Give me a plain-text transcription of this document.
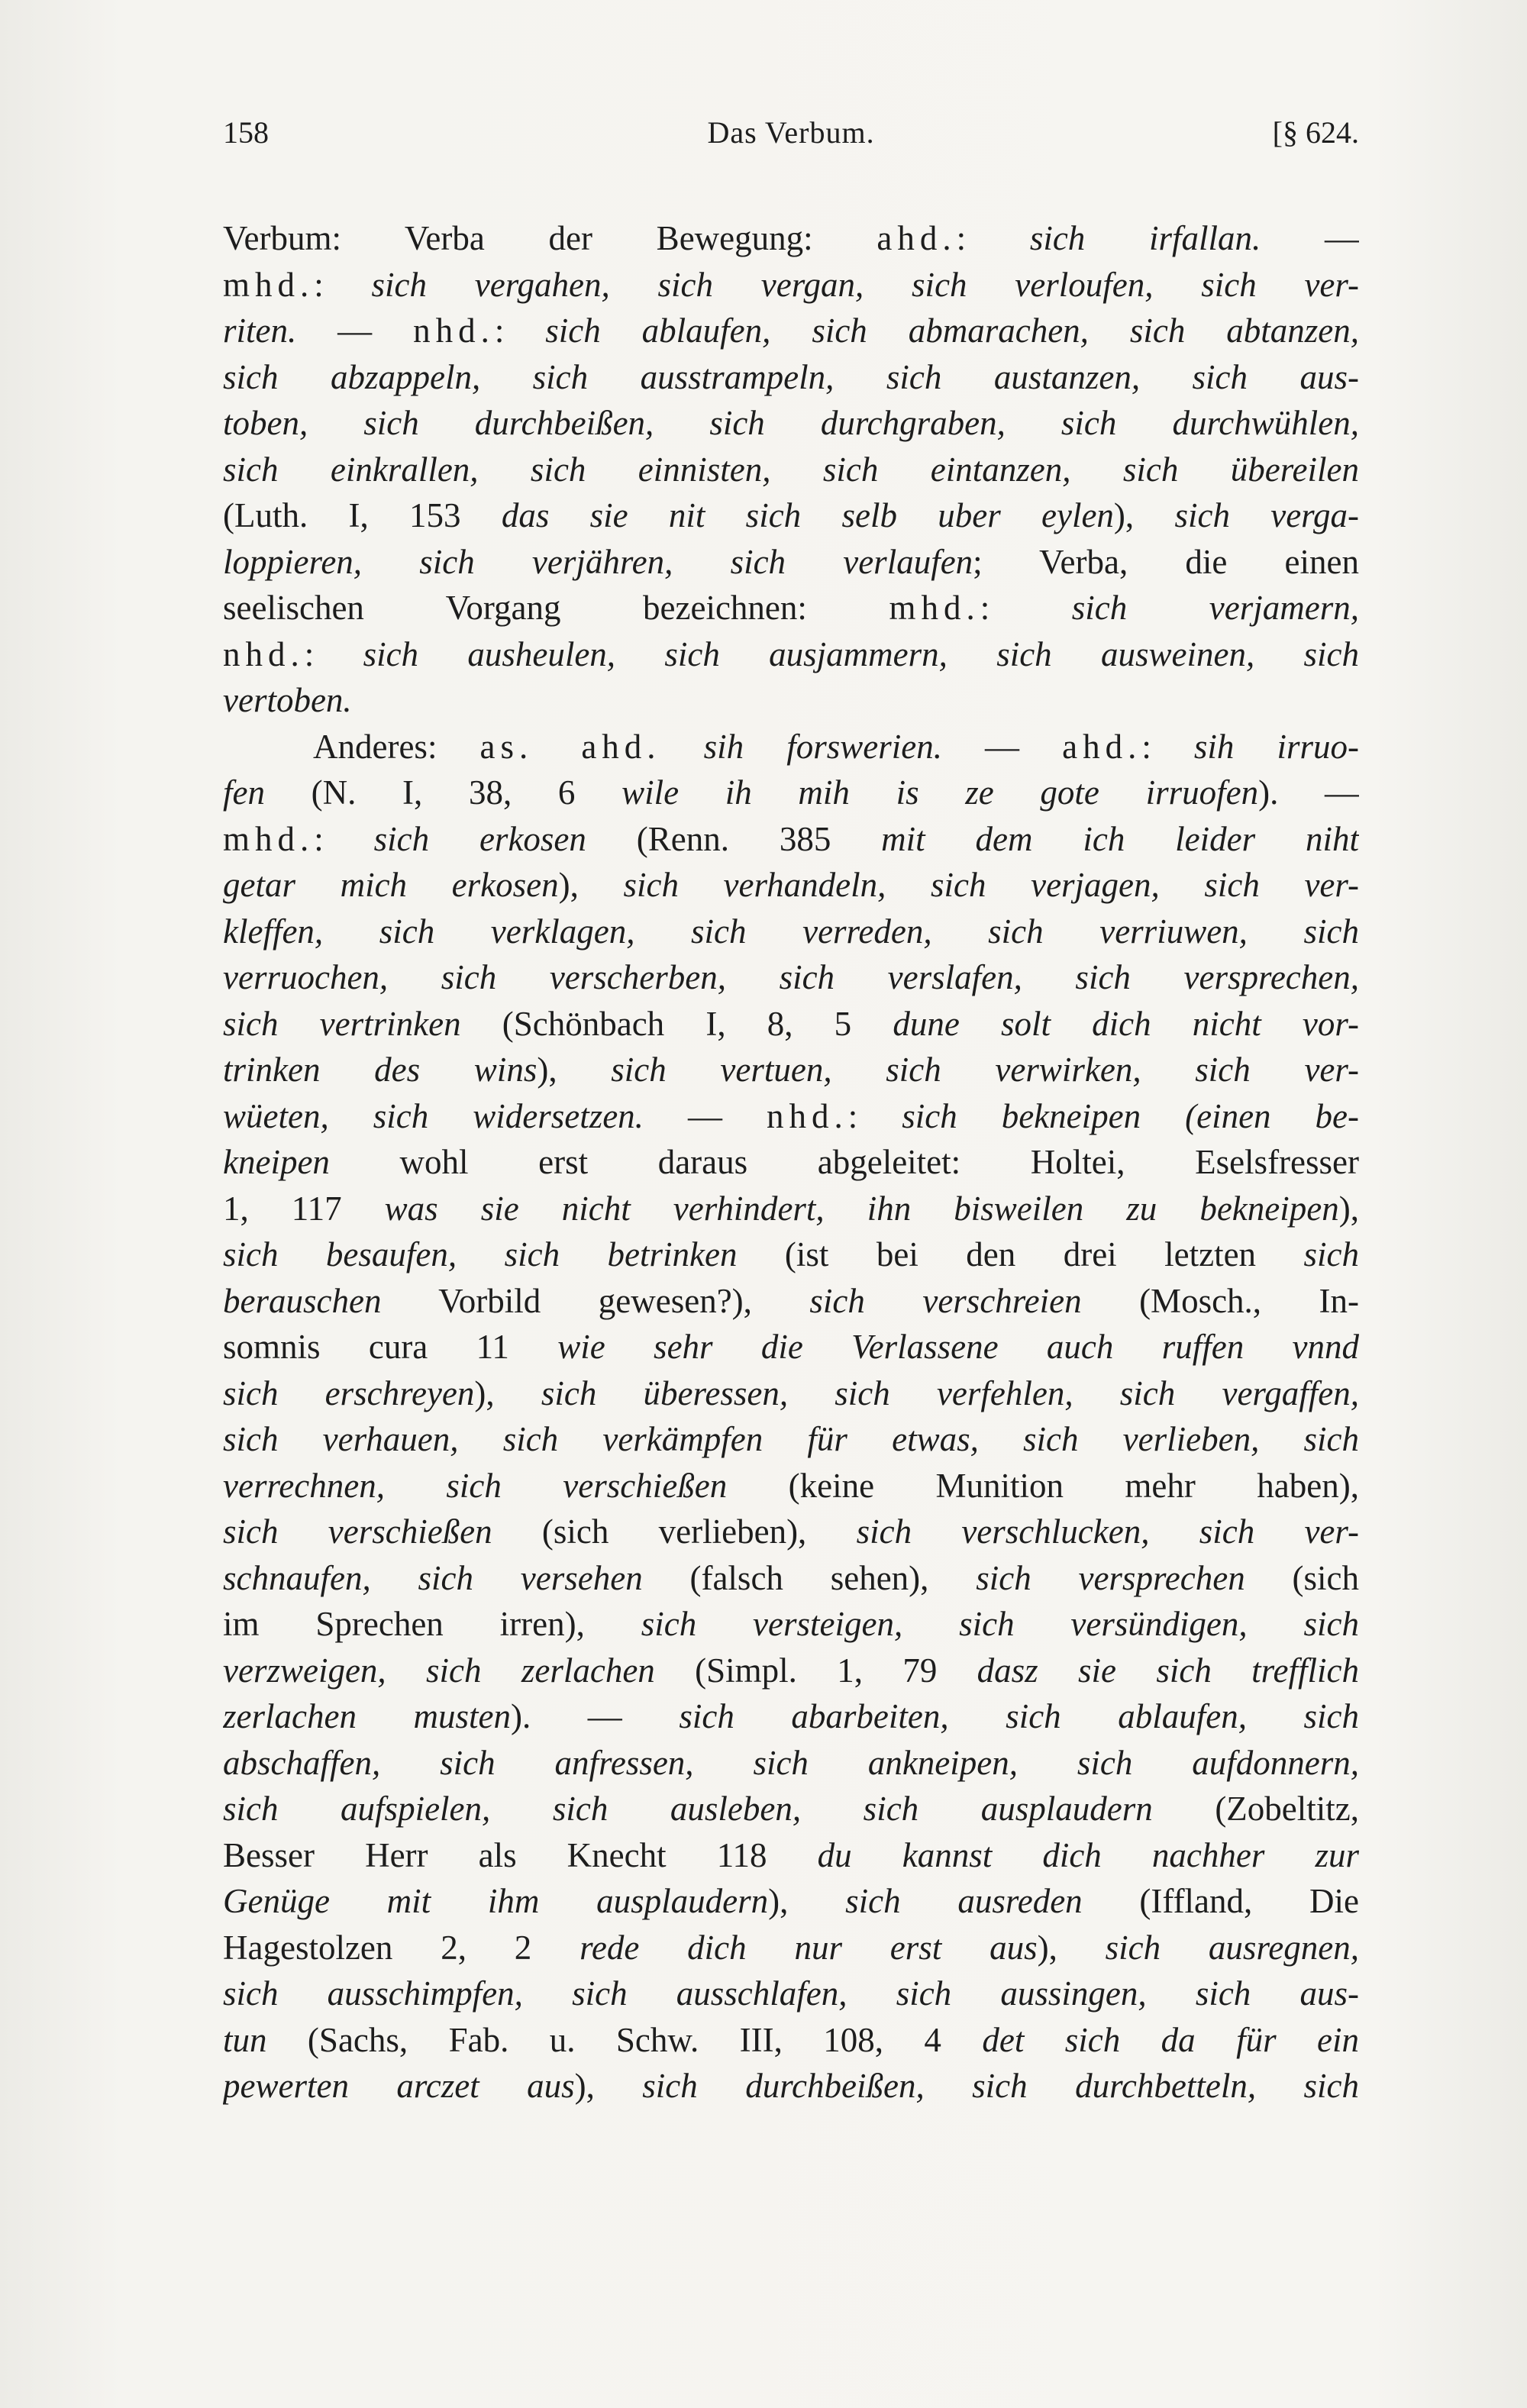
158	Das Verbum.	[§ 624.
Verbum: Verba der Bewegung: ahd.: sich irfallan. —
mhd.: sich vergahen, sich vergan, sich verloufen, sich ver-
riten. — nhd.: sich ablaufen, sich abmarachen, sich abtanzen,
sich abzappeln, sich ausstrampeln, sich austanzen, sich aus-
toben, sich durchbeißen, sich durchgraben, sich durchwühlen,
sich einkrallen, sich einnisten, sich eintanzen, sich übereilen
(Luth. I, 153 das sie nit sich selb uber eylen), sich verga-
loppieren, sich verjähren, sich verlaufen; Verba, die einen
seelischen Vorgang bezeichnen: mhd.: sich verjamern,
nhd.: sich ausheulen, sich ausjammern, sich ausweinen, sich
vertoben.
Anderes: as. ahd. sih forswerien. — ahd.: sih irruo-
fen (N. I, 38, 6 wile ih mih is ze gote irruofen). —
mhd.: sich erkosen (Renn. 385 mit dem ich leider niht
getar mich erkosen), sich verhandeln, sich verjagen, sich ver-
kleffen, sich verklagen, sich verreden, sich verriuwen, sich
verruochen, sich verscherben, sich verslafen, sich versprechen,
sich vertrinken (Schönbach I, 8, 5 dune solt dich nicht vor-
trinken des wins), sich vertuen, sich verwirken, sich ver-
wüeten, sich widersetzen. — nhd.: sich bekneipen (einen be-
kneipen wohl erst daraus abgeleitet: Holtei, Eselsfresser
1, 117 was sie nicht verhindert, ihn bisweilen zu bekneipen),
sich besaufen, sich betrinken (ist bei den drei letzten sich
berauschen Vorbild gewesen?), sich verschreien (Mosch., In-
somnis cura 11 wie sehr die Verlassene auch ruffen vnnd
sich erschreyen), sich überessen, sich verfehlen, sich vergaffen,
sich verhauen, sich verkämpfen für etwas, sich verlieben, sich
verrechnen, sich verschießen (keine Munition mehr haben),
sich verschießen (sich verlieben), sich verschlucken, sich ver-
schnaufen, sich versehen (falsch sehen), sich versprechen (sich
im Sprechen irren), sich versteigen, sich versündigen, sich
verzweigen, sich zerlachen (Simpl. 1, 79 dasz sie sich trefflich
zerlachen musten). — sich abarbeiten, sich ablaufen, sich
abschaffen, sich anfressen, sich ankneipen, sich aufdonnern,
sich aufspielen, sich ausleben, sich ausplaudern (Zobeltitz,
Besser Herr als Knecht 118 du kannst dich nachher zur
Genüge mit ihm ausplaudern), sich ausreden (Iffland, Die
Hagestolzen 2, 2 rede dich nur erst aus), sich ausregnen,
sich ausschimpfen, sich ausschlafen, sich aussingen, sich aus-
tun (Sachs, Fab. u. Schw. III, 108, 4 det sich da für ein
pewerten arczet aus), sich durchbeißen, sich durchbetteln, sich
